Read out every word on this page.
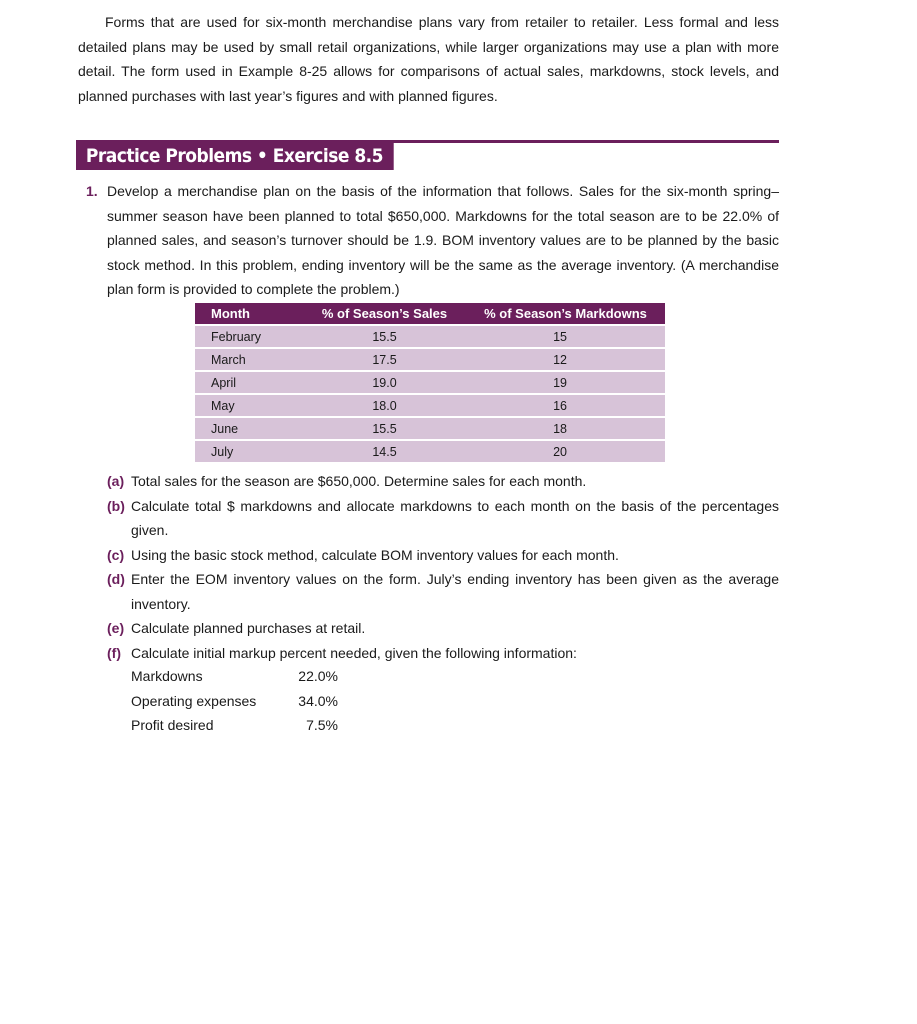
Forms that are used for six-month merchandise plans vary from retailer to retailer. Less formal and less detailed plans may be used by small retail organizations, while larger organizations may use a plan with more detail. The form used in Example 8-25 allows for comparisons of actual sales, markdowns, stock levels, and planned purchases with last year’s figures and with planned figures.

Practice Problems • Exercise 8.5
1. Develop a merchandise plan on the basis of the information that follows. Sales for the six-month spring–summer season have been planned to total $650,000. Markdowns for the total season are to be 22.0% of planned sales, and season’s turnover should be 1.9. BOM inventory values are to be planned by the basic stock method. In this problem, ending inventory will be the same as the average inventory. (A merchandise plan form is provided to complete the problem.)

Month	% of Season’s Sales	% of Season’s Markdowns
February	15.5	15
March	17.5	12
April	19.0	19
May	18.0	16
June	15.5	18
July	14.5	20
(a) Total sales for the season are $650,000. Determine sales for each month.
(b) Calculate total $ markdowns and allocate markdowns to each month on the basis of the percentages given.
(c) Using the basic stock method, calculate BOM inventory values for each month.
(d) Enter the EOM inventory values on the form. July’s ending inventory has been given as the average inventory.
(e) Calculate planned purchases at retail.
(f) Calculate initial markup percent needed, given the following information:
Markdowns	22.0%
Operating expenses	34.0%
Profit desired	7.5%
